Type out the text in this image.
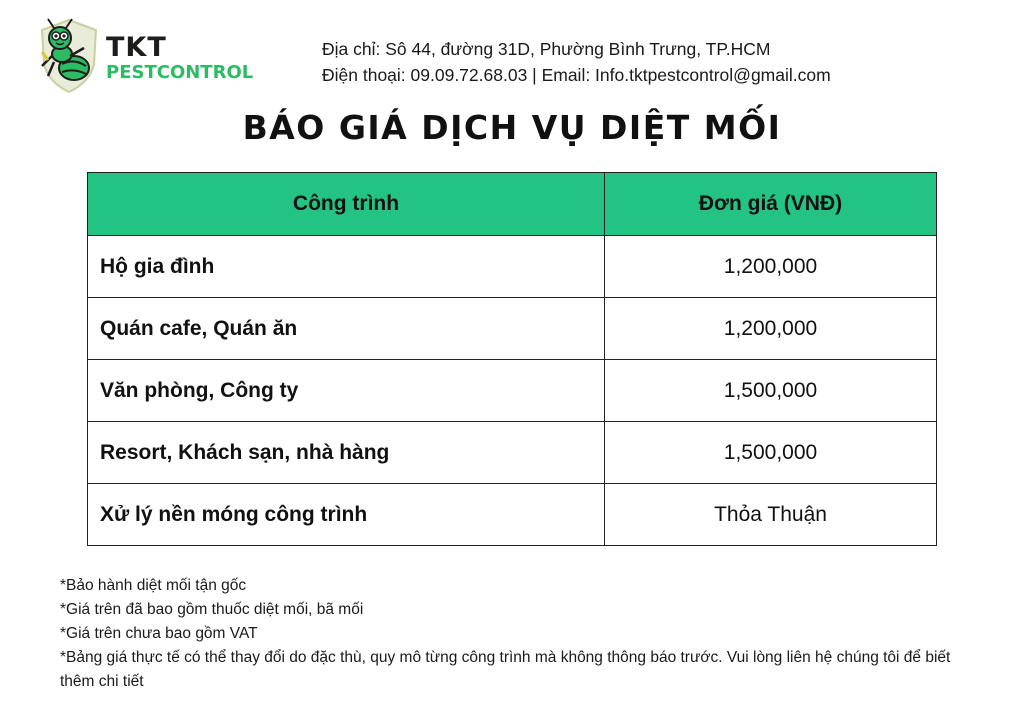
TKT
PESTCONTROL
Địa chỉ: Sô 44, đường 31D, Phường Bình Trưng, TP.HCM
Điện thoại: 09.09.72.68.03 | Email: Info.tktpestcontrol@gmail.com
BÁO GIÁ DỊCH VỤ DIỆT MỐI
Công trình	Đơn giá (VNĐ)
Hộ gia đình	1,200,000
Quán cafe, Quán ăn	1,200,000
Văn phòng, Công ty	1,500,000
Resort, Khách sạn, nhà hàng	1,500,000
Xử lý nền móng công trình	Thỏa Thuận
*Bảo hành diệt mối tận gốc
*Giá trên đã bao gồm thuốc diệt mối, bã mối
*Giá trên chưa bao gồm VAT
*Bảng giá thực tế có thể thay đổi do đặc thù, quy mô từng công trình mà không thông báo trước. Vui lòng liên hệ chúng tôi để biết thêm chi tiết
